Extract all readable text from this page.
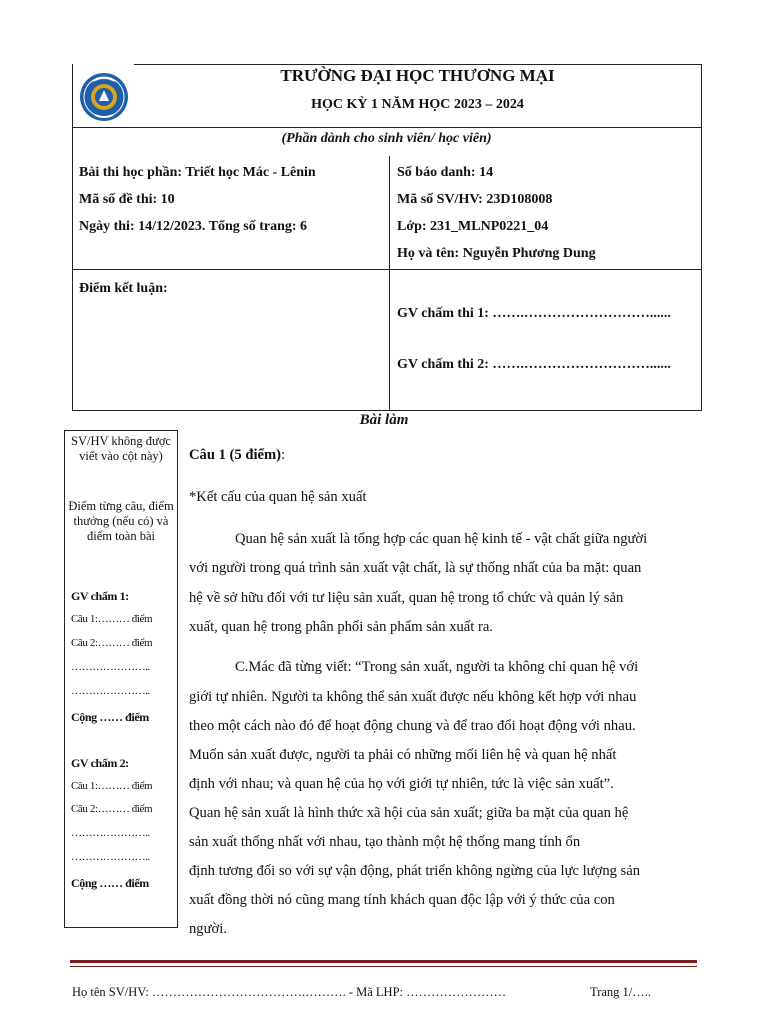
TRƯỜNG ĐẠI HỌC THƯƠNG MẠI
HỌC KỲ 1 NĂM HỌC 2023 – 2024
(Phần dành cho sinh viên/ học viên)
Bài thi học phần: Triết học Mác - Lênin
Mã số đề thi: 10
Ngày thi: 14/12/2023. Tổng số trang: 6
Số báo danh: 14
Mã số SV/HV: 23D108008
Lớp: 231_MLNP0221_04
Họ và tên: Nguyễn Phương Dung
Điểm kết luận:
GV chấm thi 1: …….………………………......
GV chấm thi 2: …….………………………......
Bài làm
SV/HV không được viết vào cột này)
Điểm từng câu, điểm thưởng (nếu có) và điểm toàn bài
GV chấm 1:
Câu 1:……… điểm
Câu 2:……… điểm
…………………..
…………………..
Cộng …… điểm
GV chấm 2:
Câu 1:……… điểm
Câu 2:……… điểm
…………………..
…………………..
Cộng …… điểm
Câu 1 (5 điểm):
*Kết cấu của quan hệ sản xuất
Quan hệ sản xuất là tổng hợp các quan hệ kinh tế - vật chất giữa người
với người trong quá trình sản xuất vật chất, là sự thống nhất của ba mặt: quan
hệ về sở hữu đối với tư liệu sản xuất, quan hệ trong tổ chức và quản lý sản
xuất, quan hệ trong phân phối sản phẩm sản xuất ra.
C.Mác đã từng viết: “Trong sản xuất, người ta không chỉ quan hệ với
giới tự nhiên. Người ta không thể sản xuất được nếu không kết hợp với nhau
theo một cách nào đó để hoạt động chung và để trao đổi hoạt động với nhau.
Muốn sản xuất được, người ta phải có những mối liên hệ và quan hệ nhất
định với nhau; và quan hệ của họ với giới tự nhiên, tức là việc sản xuất”.
Quan hệ sản xuất là hình thức xã hội của sản xuất; giữa ba mặt của quan hệ
sản xuất thống nhất với nhau, tạo thành một hệ thống mang tính ổn
định tương đối so với sự vận động, phát triển không ngừng của lực lượng sản
xuất đồng thời nó cũng mang tính khách quan độc lập với ý thức của con
người.
Họ tên SV/HV: ……………………………….………. - Mã LHP: ……………………	Trang 1/…..
